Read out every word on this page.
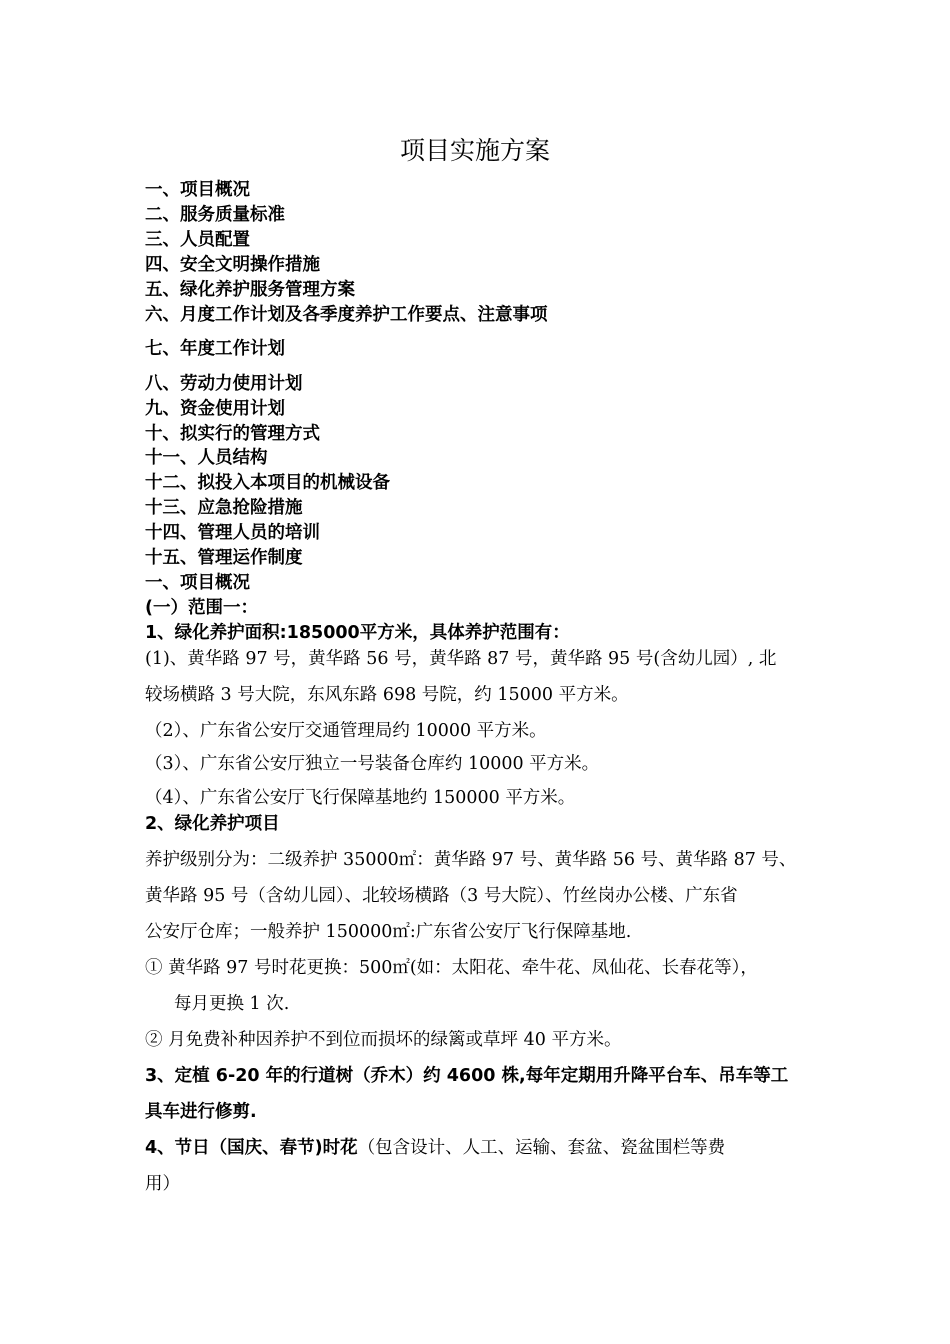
项目实施方案
一、项目概况
二、服务质量标准
三、人员配置
四、安全文明操作措施
五、绿化养护服务管理方案
六、月度工作计划及各季度养护工作要点、注意事项
七、年度工作计划
八、劳动力使用计划
九、资金使用计划
十、拟实行的管理方式
十一、人员结构
十二、拟投入本项目的机械设备
十三、应急抢险措施
十四、管理人员的培训
十五、管理运作制度
一、项目概况
(一）范围一：
1、绿化养护面积:185000平方米，具体养护范围有：
(1)、黄华路 97 号，黄华路 56 号，黄华路 87 号，黄华路 95 号(含幼儿园）, 北
较场横路 3 号大院，东风东路 698 号院，约 15000 平方米。
（2）、广东省公安厅交通管理局约 10000 平方米。
（3）、广东省公安厅独立一号装备仓库约 10000 平方米。
（4）、广东省公安厅飞行保障基地约 150000 平方米。
2、绿化养护项目
养护级别分为：二级养护 35000㎡：黄华路 97 号、黄华路 56 号、黄华路 87 号、
黄华路 95 号（含幼儿园）、北较场横路（3 号大院）、竹丝岗办公楼、广东省
公安厅仓库；一般养护 150000㎡:广东省公安厅飞行保障基地.
① 黄华路 97 号时花更换：500㎡(如：太阳花、牵牛花、凤仙花、长春花等），
每月更换 1 次.
② 月免费补种因养护不到位而损坏的绿篱或草坪 40 平方米。
3、定植 6-20 年的行道树（乔木）约 4600 株,每年定期用升降平台车、吊车等工
具车进行修剪.
4、节日（国庆、春节)时花（包含设计、人工、运输、套盆、瓷盆围栏等费
用）
